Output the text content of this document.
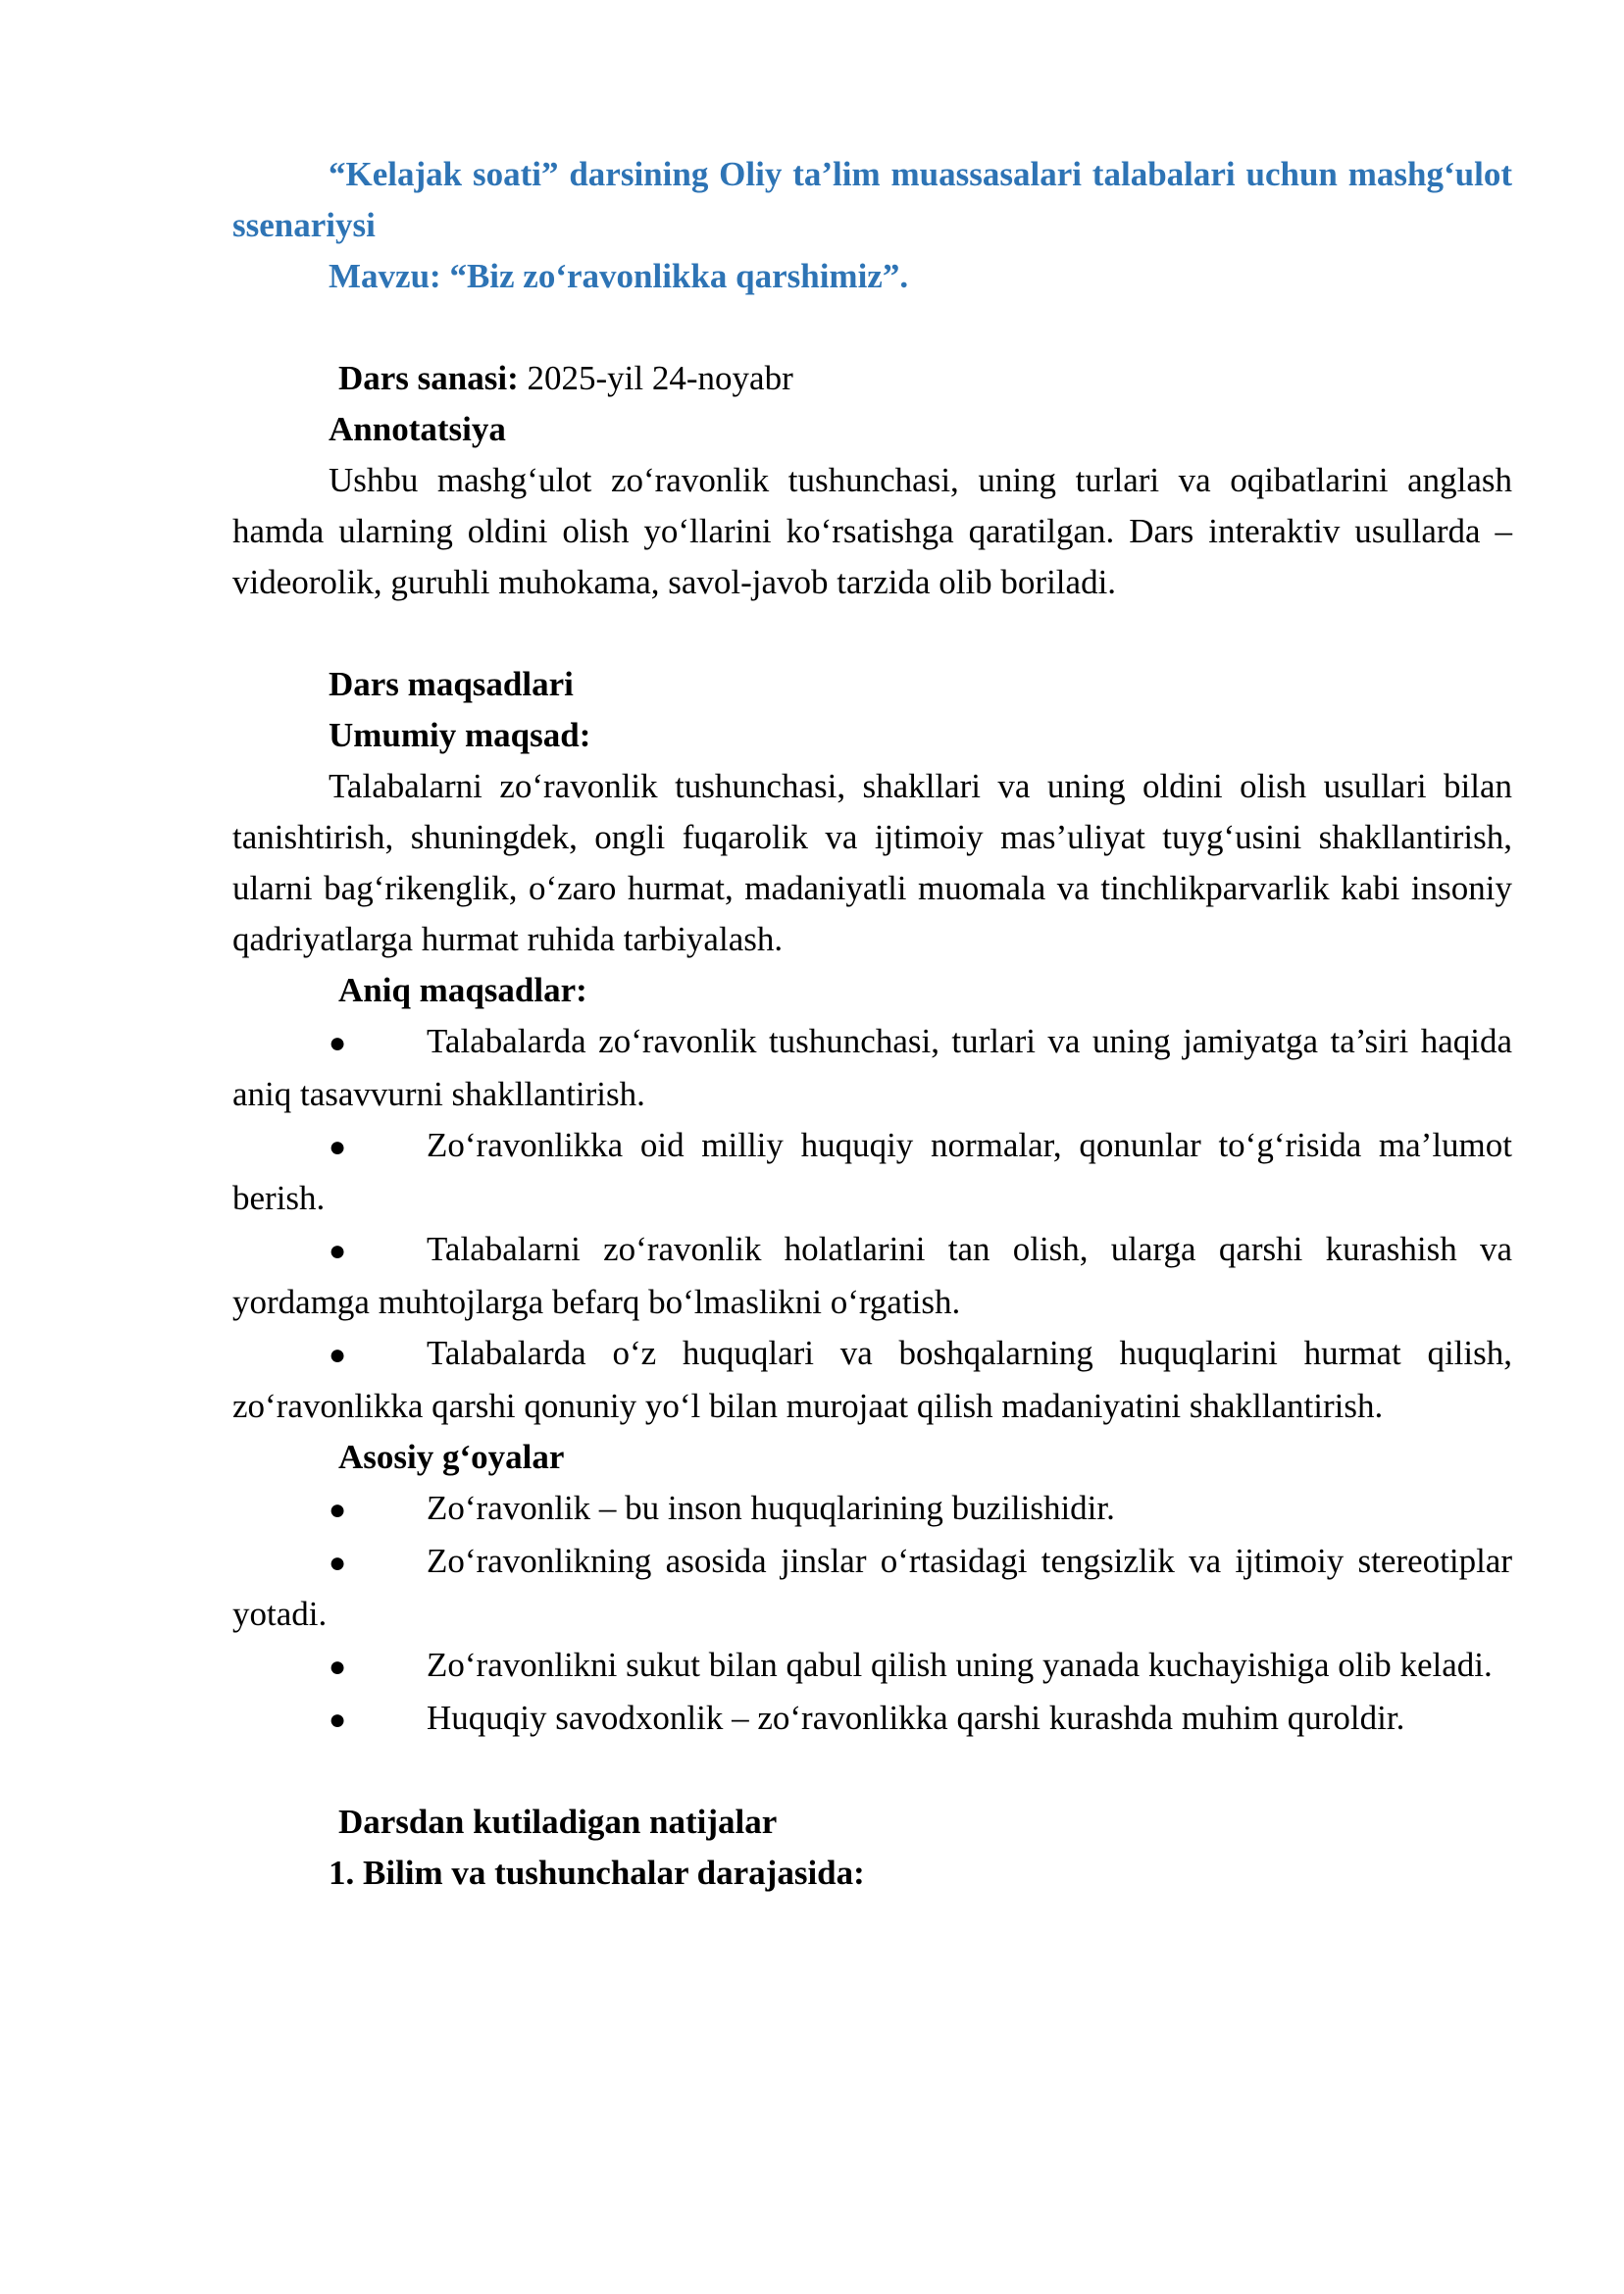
“Kelajak soati” darsining Oliy ta’lim muassasalari talabalari uchun mashg‘ulot ssenariysi

Mavzu: “Biz zo‘ravonlikka qarshimiz”.

Dars sanasi: 2025-yil 24-noyabr

Annotatsiya

Ushbu mashg‘ulot zo‘ravonlik tushunchasi, uning turlari va oqibatlarini anglash hamda ularning oldini olish yo‘llarini ko‘rsatishga qaratilgan. Dars interaktiv usullarda – videorolik, guruhli muhokama, savol-javob tarzida olib boriladi.

Dars maqsadlari

Umumiy maqsad:

Talabalarni zo‘ravonlik tushunchasi, shakllari va uning oldini olish usullari bilan tanishtirish, shuningdek, ongli fuqarolik va ijtimoiy mas’uliyat tuyg‘usini shakllantirish, ularni bag‘rikenglik, o‘zaro hurmat, madaniyatli muomala va tinchlikparvarlik kabi insoniy qadriyatlarga hurmat ruhida tarbiyalash.

Aniq maqsadlar:

●Talabalarda zo‘ravonlik tushunchasi, turlari va uning jamiyatga ta’siri haqida aniq tasavvurni shakllantirish.

●Zo‘ravonlikka oid milliy huquqiy normalar, qonunlar to‘g‘risida ma’lumot berish.

●Talabalarni zo‘ravonlik holatlarini tan olish, ularga qarshi kurashish va yordamga muhtojlarga befarq bo‘lmaslikni o‘rgatish.

●Talabalarda o‘z huquqlari va boshqalarning huquqlarini hurmat qilish, zo‘ravonlikka qarshi qonuniy yo‘l bilan murojaat qilish madaniyatini shakllantirish.

Asosiy g‘oyalar

●Zo‘ravonlik – bu inson huquqlarining buzilishidir.

●Zo‘ravonlikning asosida jinslar o‘rtasidagi tengsizlik va ijtimoiy stereotiplar yotadi.

●Zo‘ravonlikni sukut bilan qabul qilish uning yanada kuchayishiga olib keladi.

●Huquqiy savodxonlik – zo‘ravonlikka qarshi kurashda muhim quroldir.

Darsdan kutiladigan natijalar

1. Bilim va tushunchalar darajasida:
